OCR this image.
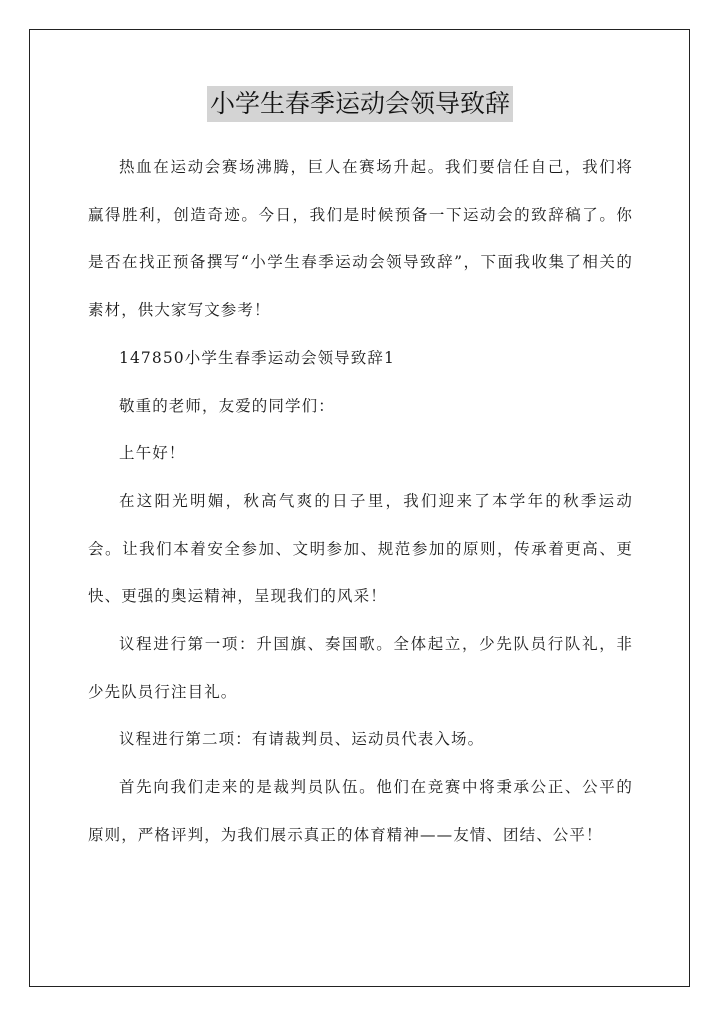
小学生春季运动会领导致辞

热血在运动会赛场沸腾，巨人在赛场升起。我们要信任自己，我们将赢得胜利，创造奇迹。今日，我们是时候预备一下运动会的致辞稿了。你是否在找正预备撰写“小学生春季运动会领导致辞”，下面我收集了相关的素材，供大家写文参考！

147850小学生春季运动会领导致辞1

敬重的老师，友爱的同学们：

上午好！

在这阳光明媚，秋高气爽的日子里，我们迎来了本学年的秋季运动会。让我们本着安全参加、文明参加、规范参加的原则，传承着更高、更快、更强的奥运精神，呈现我们的风采！

议程进行第一项：升国旗、奏国歌。全体起立，少先队员行队礼，非少先队员行注目礼。

议程进行第二项：有请裁判员、运动员代表入场。

首先向我们走来的是裁判员队伍。他们在竞赛中将秉承公正、公平的原则，严格评判，为我们展示真正的体育精神——友情、团结、公平！
